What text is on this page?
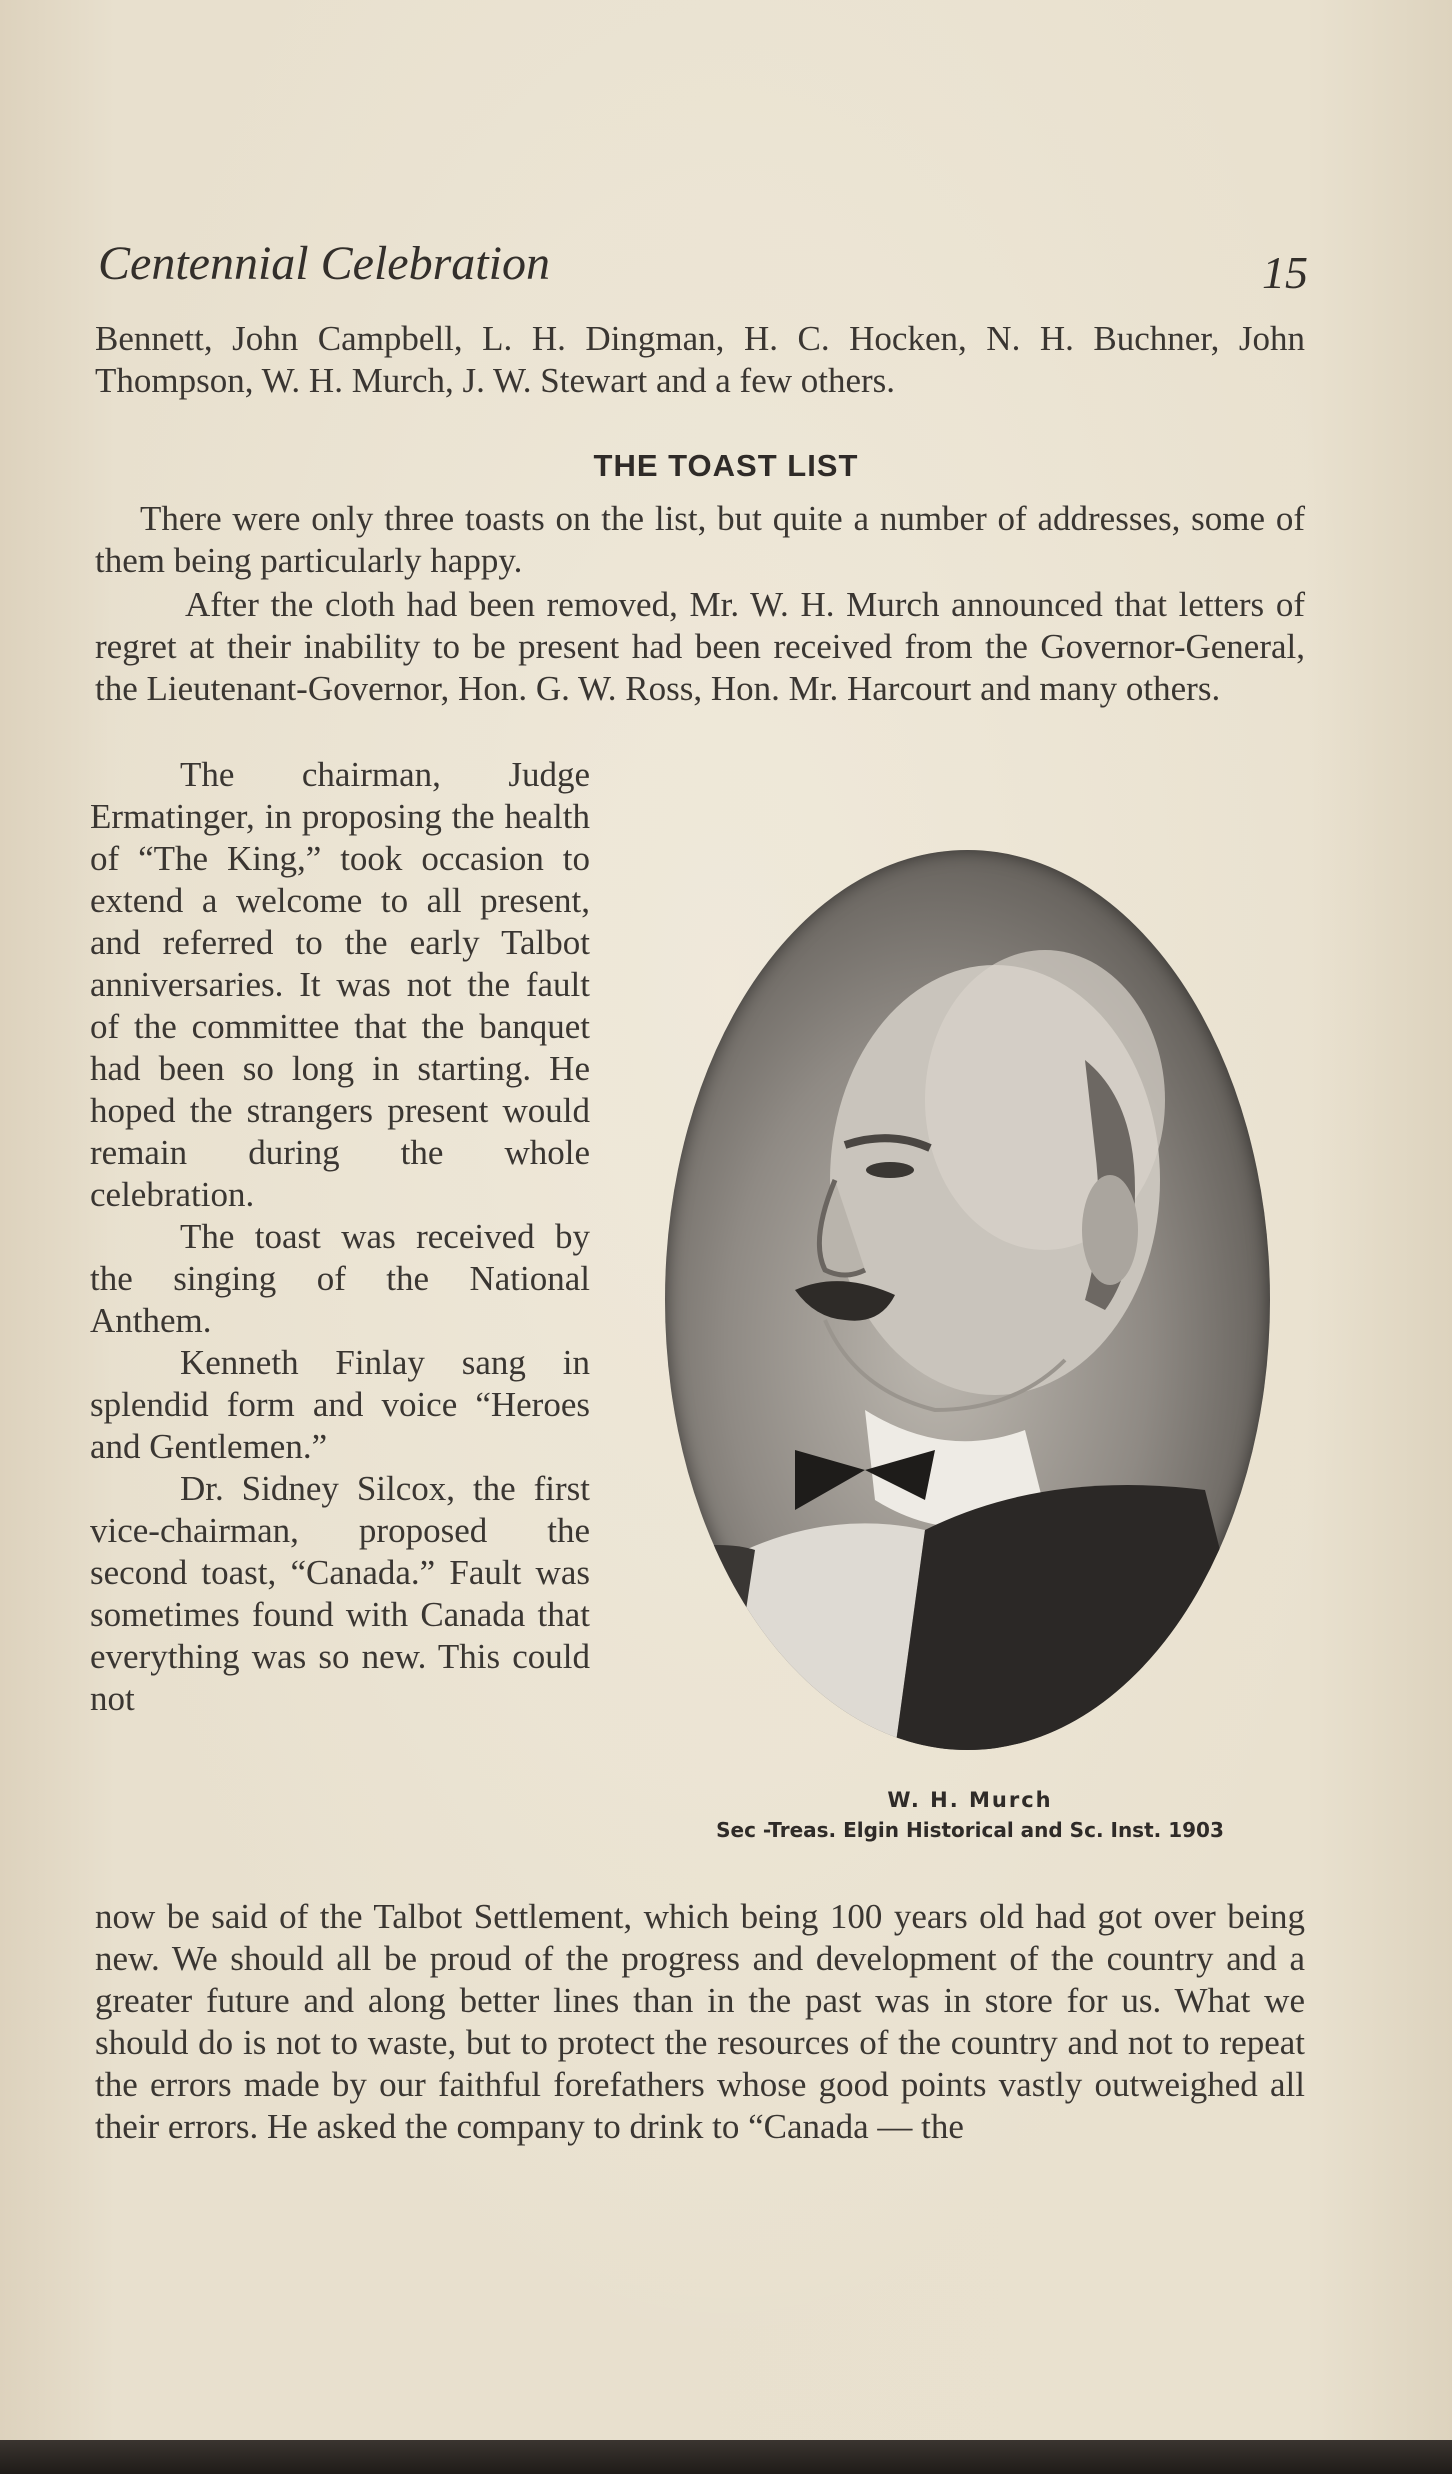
Centennial Celebration	15

Bennett, John Campbell, L. H. Dingman, H. C. Hocken, N. H. Buchner, John Thompson, W. H. Murch, J. W. Stewart and a few others.

THE TOAST LIST

There were only three toasts on the list, but quite a number of addresses, some of them being particularly happy.

After the cloth had been removed, Mr. W. H. Murch announced that letters of regret at their inability to be present had been received from the Governor-General, the Lieutenant-Governor, Hon. G. W. Ross, Hon. Mr. Harcourt and many others.

The chairman, Judge Ermatinger, in proposing the health of “The King,” took occasion to extend a welcome to all present, and referred to the early Talbot anniversaries. It was not the fault of the committee that the banquet had been so long in starting. He hoped the strangers present would remain during the whole celebration.

The toast was received by the singing of the National Anthem.

Kenneth Finlay sang in splendid form and voice “Heroes and Gentlemen.”

Dr. Sidney Silcox, the first vice-chairman, proposed the second toast, “Canada.” Fault was sometimes found with Canada that everything was so new. This could not

W. H. Murch
Sec -Treas. Elgin Historical and Sc. Inst. 1903

now be said of the Talbot Settlement, which being 100 years old had got over being new. We should all be proud of the progress and development of the country and a greater future and along better lines than in the past was in store for us. What we should do is not to waste, but to protect the resources of the country and not to repeat the errors made by our faithful forefathers whose good points vastly outweighed all their errors. He asked the company to drink to “Canada — the
